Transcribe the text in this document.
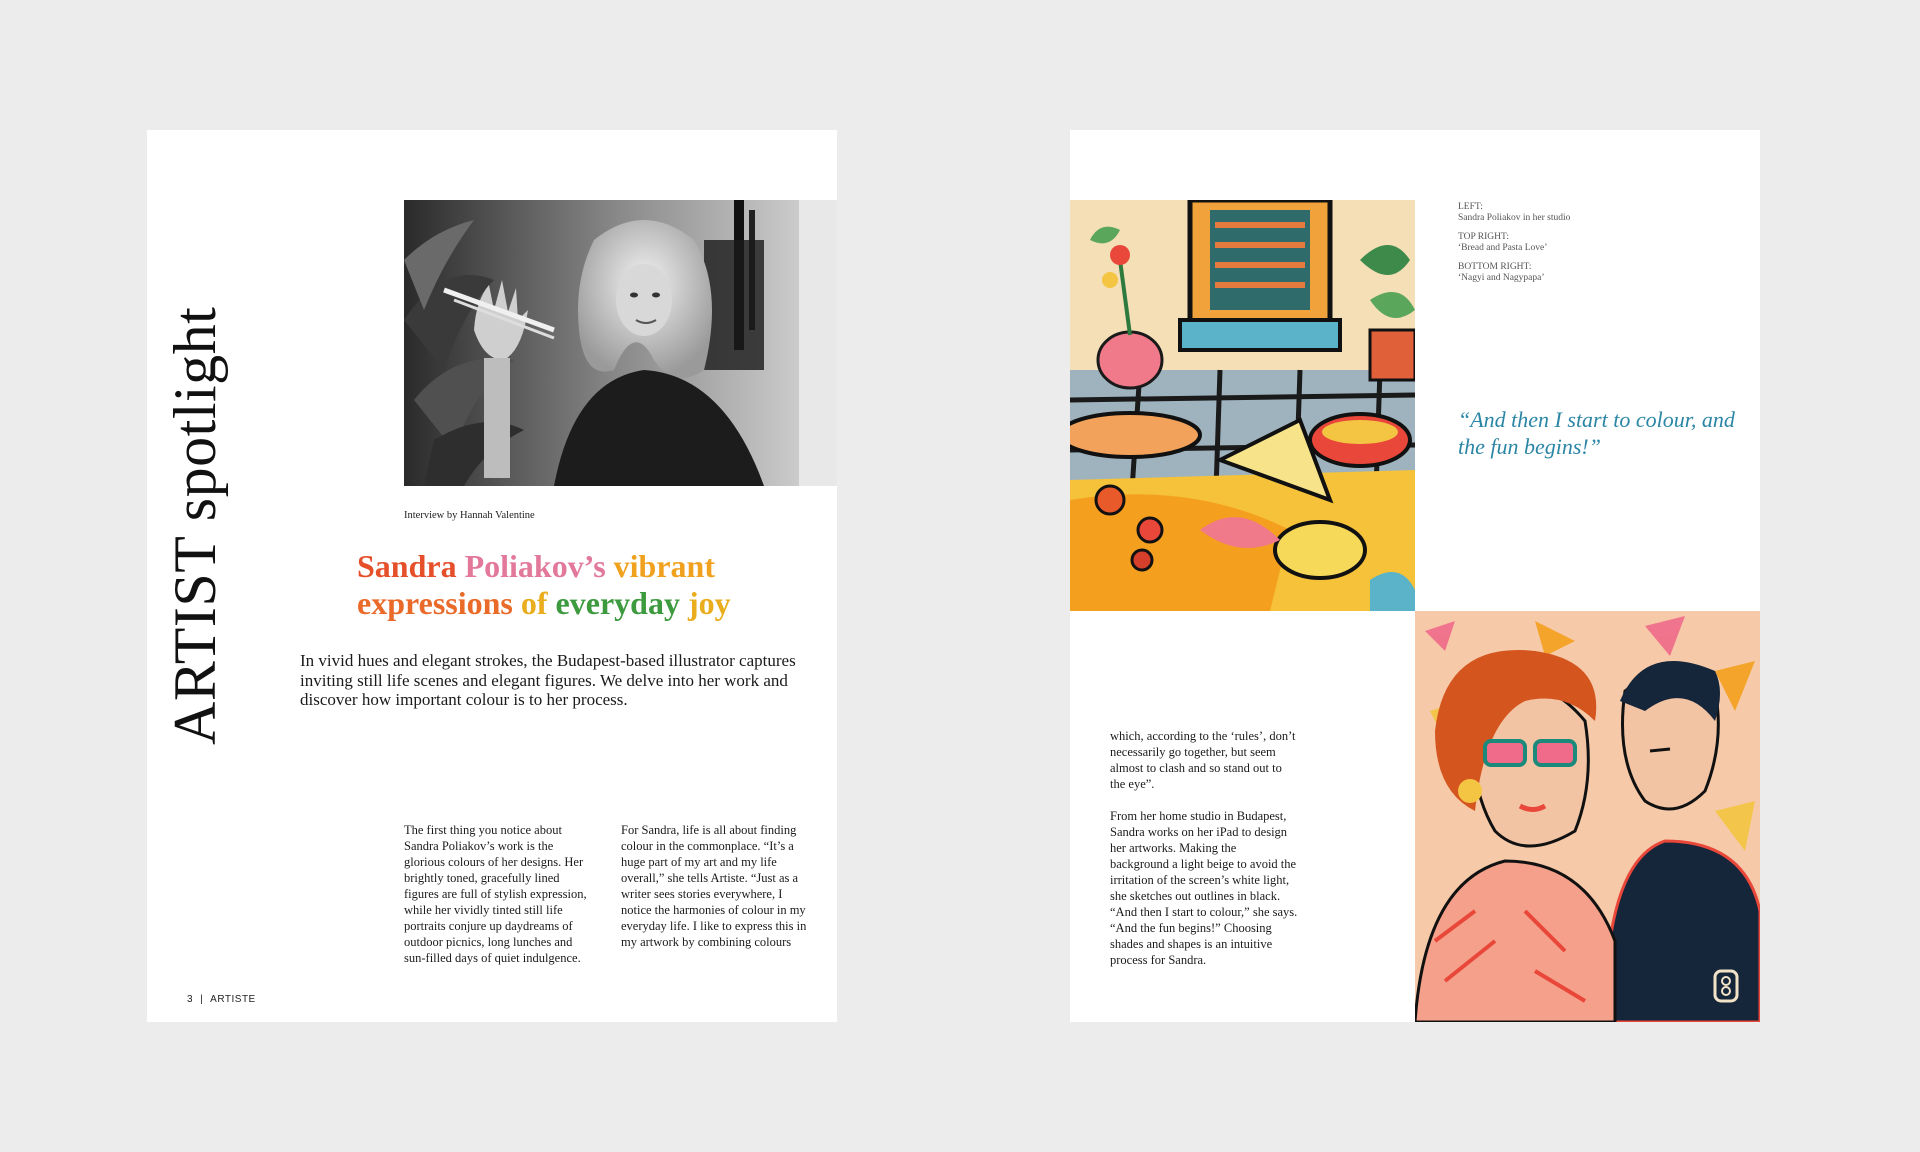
ARTIST spotlight	Interview by Hannah Valentine
Sandra Poliakov’s vibrant
expressions of everyday joy
In vivid hues and elegant strokes, the Budapest-based illustrator captures inviting still life scenes and elegant figures. We delve into her work and discover how important colour is to her process.
The first thing you notice about Sandra Poliakov’s work is the glorious colours of her designs. Her brightly toned, gracefully lined figures are full of stylish expression, while her vividly tinted still life portraits conjure up daydreams of outdoor picnics, long lunches and sun-filled days of quiet indulgence.
For Sandra, life is all about finding colour in the commonplace. “It’s a huge part of my art and my life overall,” she tells Artiste. “Just as a writer sees stories everywhere, I notice the harmonies of colour in my everyday life. I like to express this in my artwork by combining colours
3 | ARTISTE
LEFT:
Sandra Poliakov in her studio
TOP RIGHT:
‘Bread and Pasta Love’
BOTTOM RIGHT:
‘Nagyi and Nagypapa’
“And then I start to colour, and the fun begins!”
which, according to the ‘rules’, don’t necessarily go together, but seem almost to clash and so stand out to the eye”.
From her home studio in Budapest, Sandra works on her iPad to design her artworks. Making the background a light beige to avoid the irritation of the screen’s white light, she sketches out outlines in black. “And then I start to colour,” she says. “And the fun begins!” Choosing shades and shapes is an intuitive process for Sandra.
